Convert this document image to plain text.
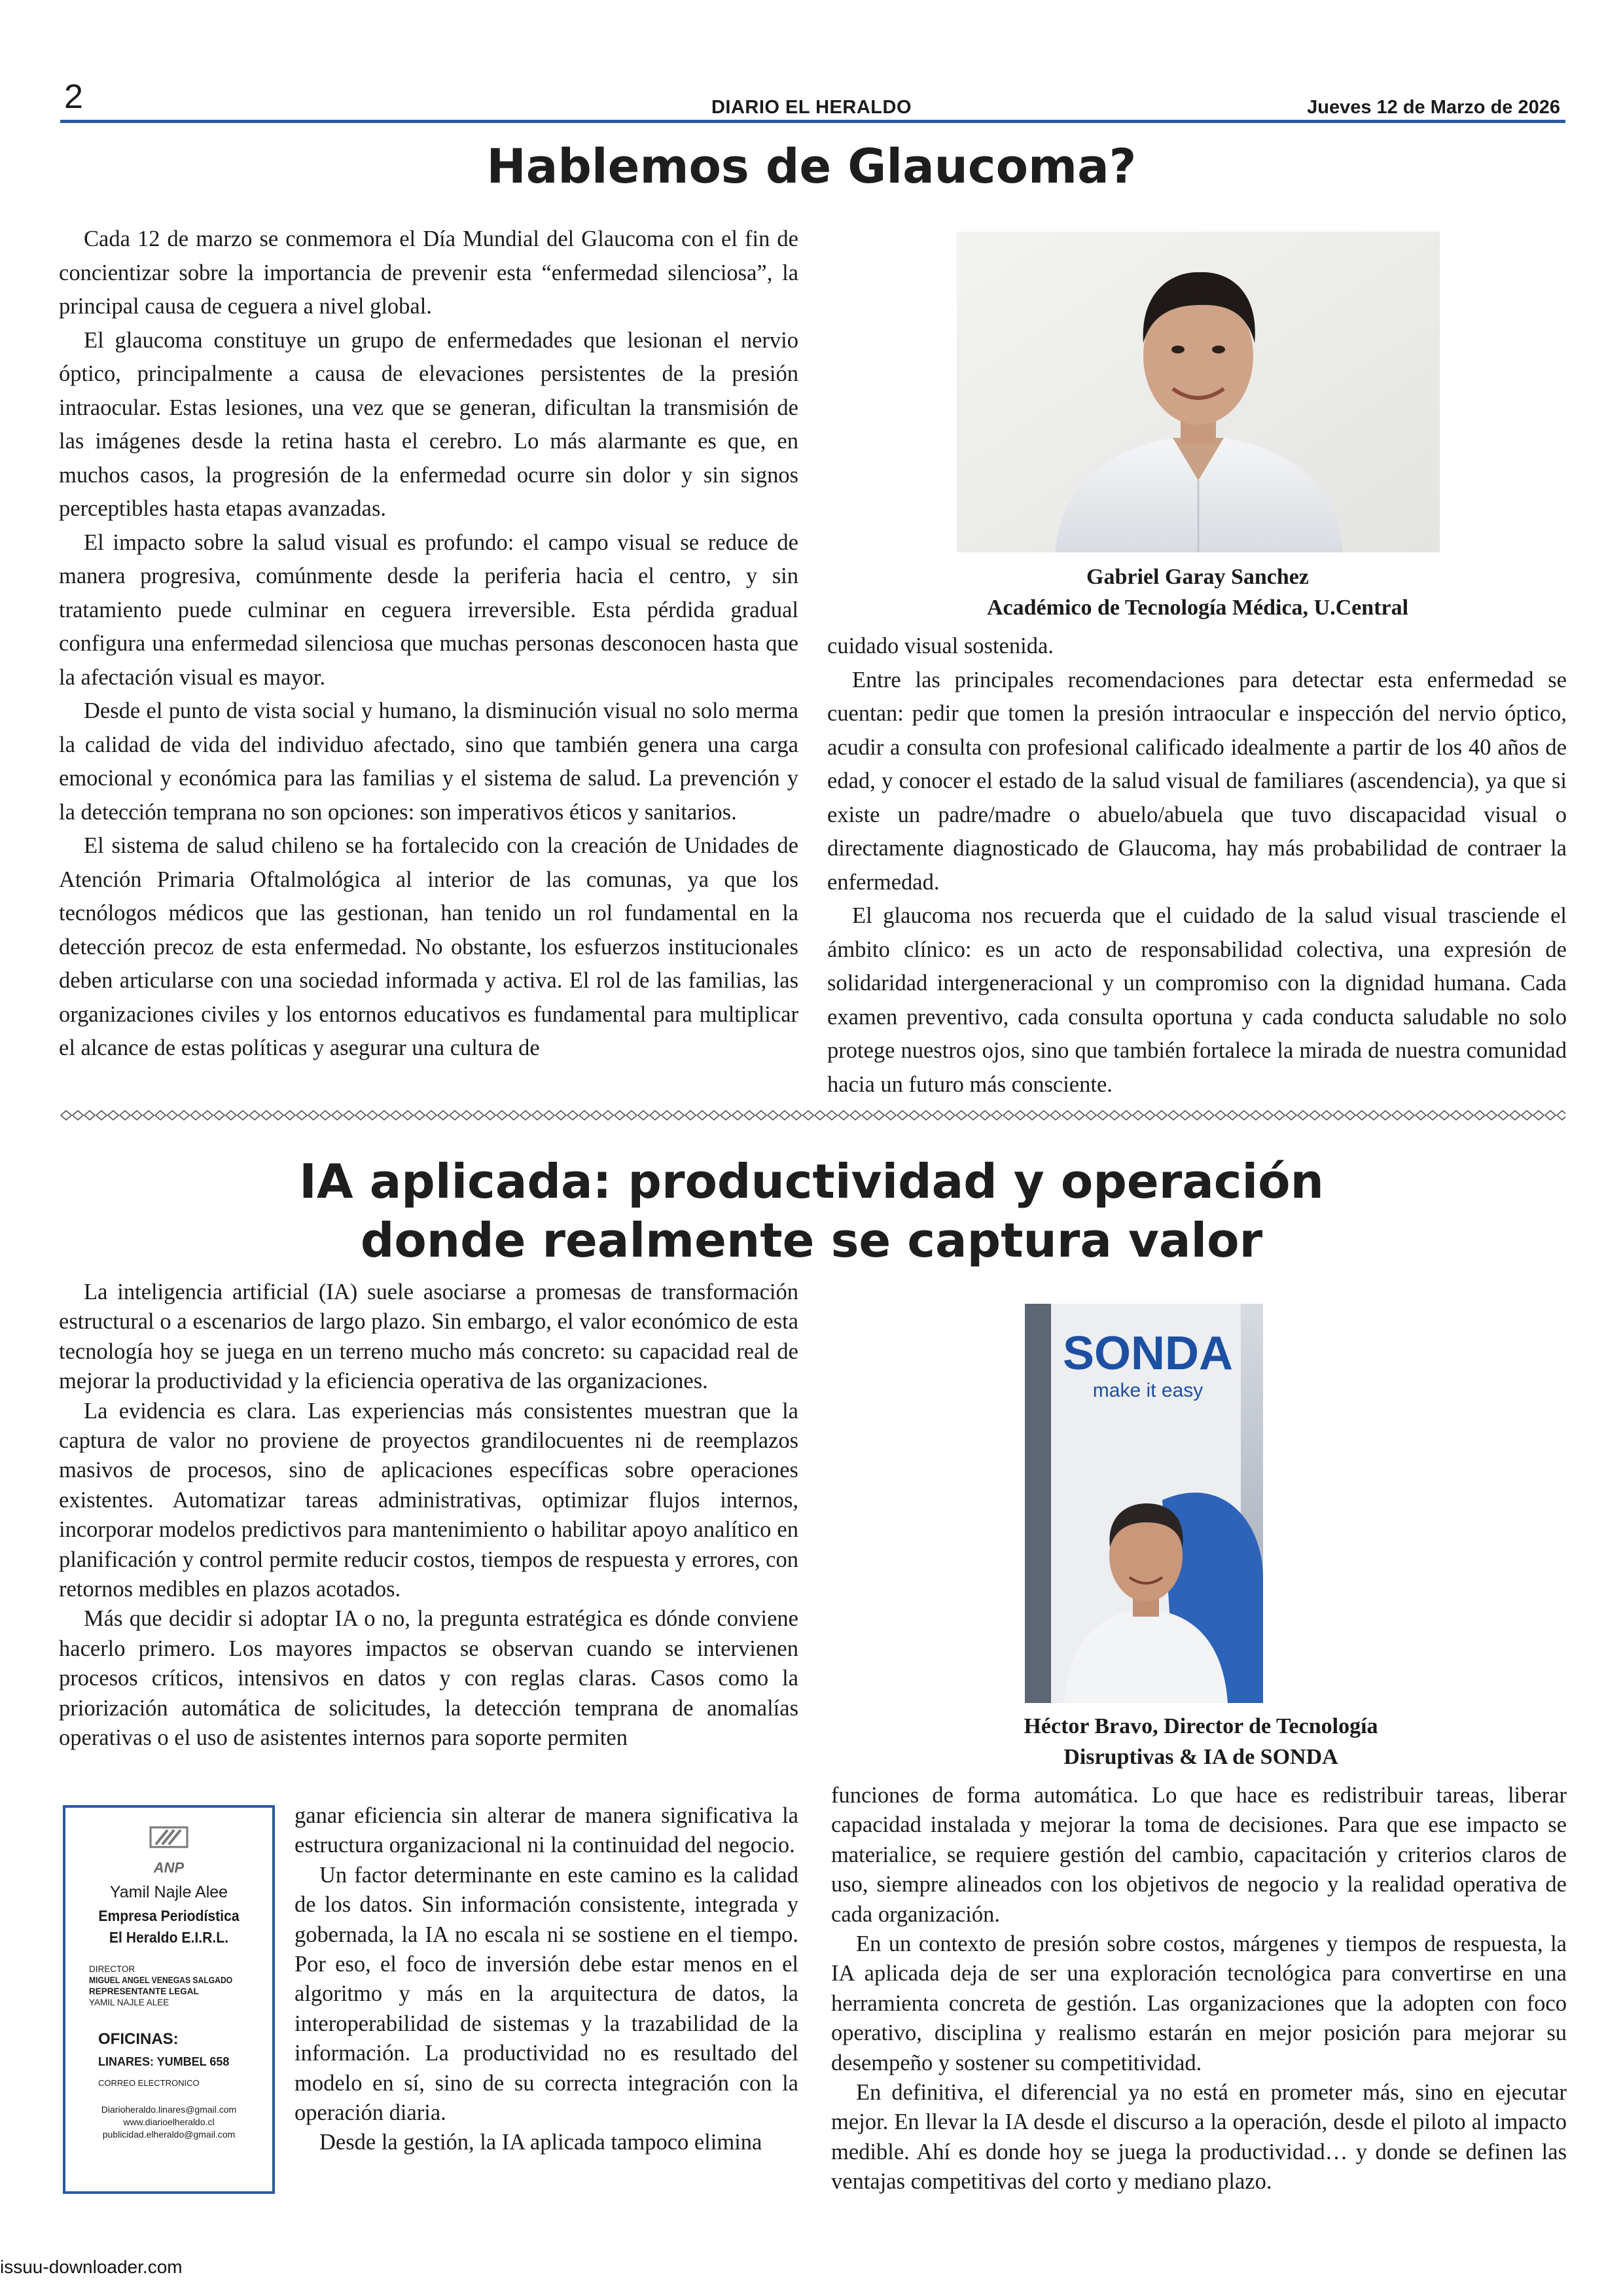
2	DIARIO EL HERALDO	Jueves 12 de Marzo de 2026
Hablemos de Glaucoma?

Cada 12 de marzo se conmemora el Día Mundial del Glaucoma con el fin de concientizar sobre la importancia de prevenir esta “enfermedad silenciosa”, la principal causa de ceguera a nivel global.

El glaucoma constituye un grupo de enfermedades que lesionan el nervio óptico, principalmente a causa de elevaciones persistentes de la presión intraocular. Estas lesiones, una vez que se generan, dificultan la transmisión de las imágenes desde la retina hasta el cerebro. Lo más alarmante es que, en muchos casos, la progresión de la enfermedad ocurre sin dolor y sin signos perceptibles hasta etapas avanzadas.

El impacto sobre la salud visual es profundo: el campo visual se reduce de manera progresiva, comúnmente desde la periferia hacia el centro, y sin tratamiento puede culminar en ceguera irreversible. Esta pérdida gradual configura una enfermedad silenciosa que muchas personas desconocen hasta que la afectación visual es mayor.

Desde el punto de vista social y humano, la disminución visual no solo merma la calidad de vida del individuo afectado, sino que también genera una carga emocional y económica para las familias y el sistema de salud. La prevención y la detección temprana no son opciones: son imperativos éticos y sanitarios.

El sistema de salud chileno se ha fortalecido con la creación de Unidades de Atención Primaria Oftalmológica al interior de las comunas, ya que los tecnólogos médicos que las gestionan, han tenido un rol fundamental en la detección precoz de esta enfermedad. No obstante, los esfuerzos institucionales deben articularse con una sociedad informada y activa. El rol de las familias, las organizaciones civiles y los entornos educativos es fundamental para multiplicar el alcance de estas políticas y asegurar una cultura de

Gabriel Garay Sanchez
Académico de Tecnología Médica, U.Central

cuidado visual sostenida.

Entre las principales recomendaciones para detectar esta enfermedad se cuentan: pedir que tomen la presión intraocular e inspección del nervio óptico, acudir a consulta con profesional calificado idealmente a partir de los 40 años de edad, y conocer el estado de la salud visual de familiares (ascendencia), ya que si existe un padre/madre o abuelo/abuela que tuvo discapacidad visual o directamente diagnosticado de Glaucoma, hay más probabilidad de contraer la enfermedad.

El glaucoma nos recuerda que el cuidado de la salud visual trasciende el ámbito clínico: es un acto de responsabilidad colectiva, una expresión de solidaridad intergeneracional y un compromiso con la dignidad humana. Cada examen preventivo, cada consulta oportuna y cada conducta saludable no solo protege nuestros ojos, sino que también fortalece la mirada de nuestra comunidad hacia un futuro más consciente.

IA aplicada: productividad y operación
donde realmente se captura valor

La inteligencia artificial (IA) suele asociarse a promesas de transformación estructural o a escenarios de largo plazo. Sin embargo, el valor económico de esta tecnología hoy se juega en un terreno mucho más concreto: su capacidad real de mejorar la productividad y la eficiencia operativa de las organizaciones.

La evidencia es clara. Las experiencias más consistentes muestran que la captura de valor no proviene de proyectos grandilocuentes ni de reemplazos masivos de procesos, sino de aplicaciones específicas sobre operaciones existentes. Automatizar tareas administrativas, optimizar flujos internos, incorporar modelos predictivos para mantenimiento o habilitar apoyo analítico en planificación y control permite reducir costos, tiempos de respuesta y errores, con retornos medibles en plazos acotados.

Más que decidir si adoptar IA o no, la pregunta estratégica es dónde conviene hacerlo primero. Los mayores impactos se observan cuando se intervienen procesos críticos, intensivos en datos y con reglas claras. Casos como la priorización automática de solicitudes, la detección temprana de anomalías operativas o el uso de asistentes internos para soporte permiten

ANP
Yamil Najle Alee
Empresa Periodística
El Heraldo E.I.R.L.
DIRECTOR
MIGUEL ANGEL VENEGAS SALGADO
REPRESENTANTE LEGAL
YAMIL NAJLE ALEE
OFICINAS:
LINARES: YUMBEL 658
CORREO ELECTRONICO
Diarioheraldo.linares@gmail.com
www.diarioelheraldo.cl
publicidad.elheraldo@gmail.com

ganar eficiencia sin alterar de manera significativa la estructura organizacional ni la continuidad del negocio.

Un factor determinante en este camino es la calidad de los datos. Sin información consistente, integrada y gobernada, la IA no escala ni se sostiene en el tiempo. Por eso, el foco de inversión debe estar menos en el algoritmo y más en la arquitectura de datos, la interoperabilidad de sistemas y la trazabilidad de la información. La productividad no es resultado del modelo en sí, sino de su correcta integración con la operación diaria.

Desde la gestión, la IA aplicada tampoco elimina

SONDA
make it easy
Héctor Bravo, Director de Tecnología
Disruptivas & IA de SONDA

funciones de forma automática. Lo que hace es redistribuir tareas, liberar capacidad instalada y mejorar la toma de decisiones. Para que ese impacto se materialice, se requiere gestión del cambio, capacitación y criterios claros de uso, siempre alineados con los objetivos de negocio y la realidad operativa de cada organización.

En un contexto de presión sobre costos, márgenes y tiempos de respuesta, la IA aplicada deja de ser una exploración tecnológica para convertirse en una herramienta concreta de gestión. Las organizaciones que la adopten con foco operativo, disciplina y realismo estarán en mejor posición para mejorar su desempeño y sostener su competitividad.

En definitiva, el diferencial ya no está en prometer más, sino en ejecutar mejor. En llevar la IA desde el discurso a la operación, desde el piloto al impacto medible. Ahí es donde hoy se juega la productividad… y donde se definen las ventajas competitivas del corto y mediano plazo.

issuu-downloader.com
